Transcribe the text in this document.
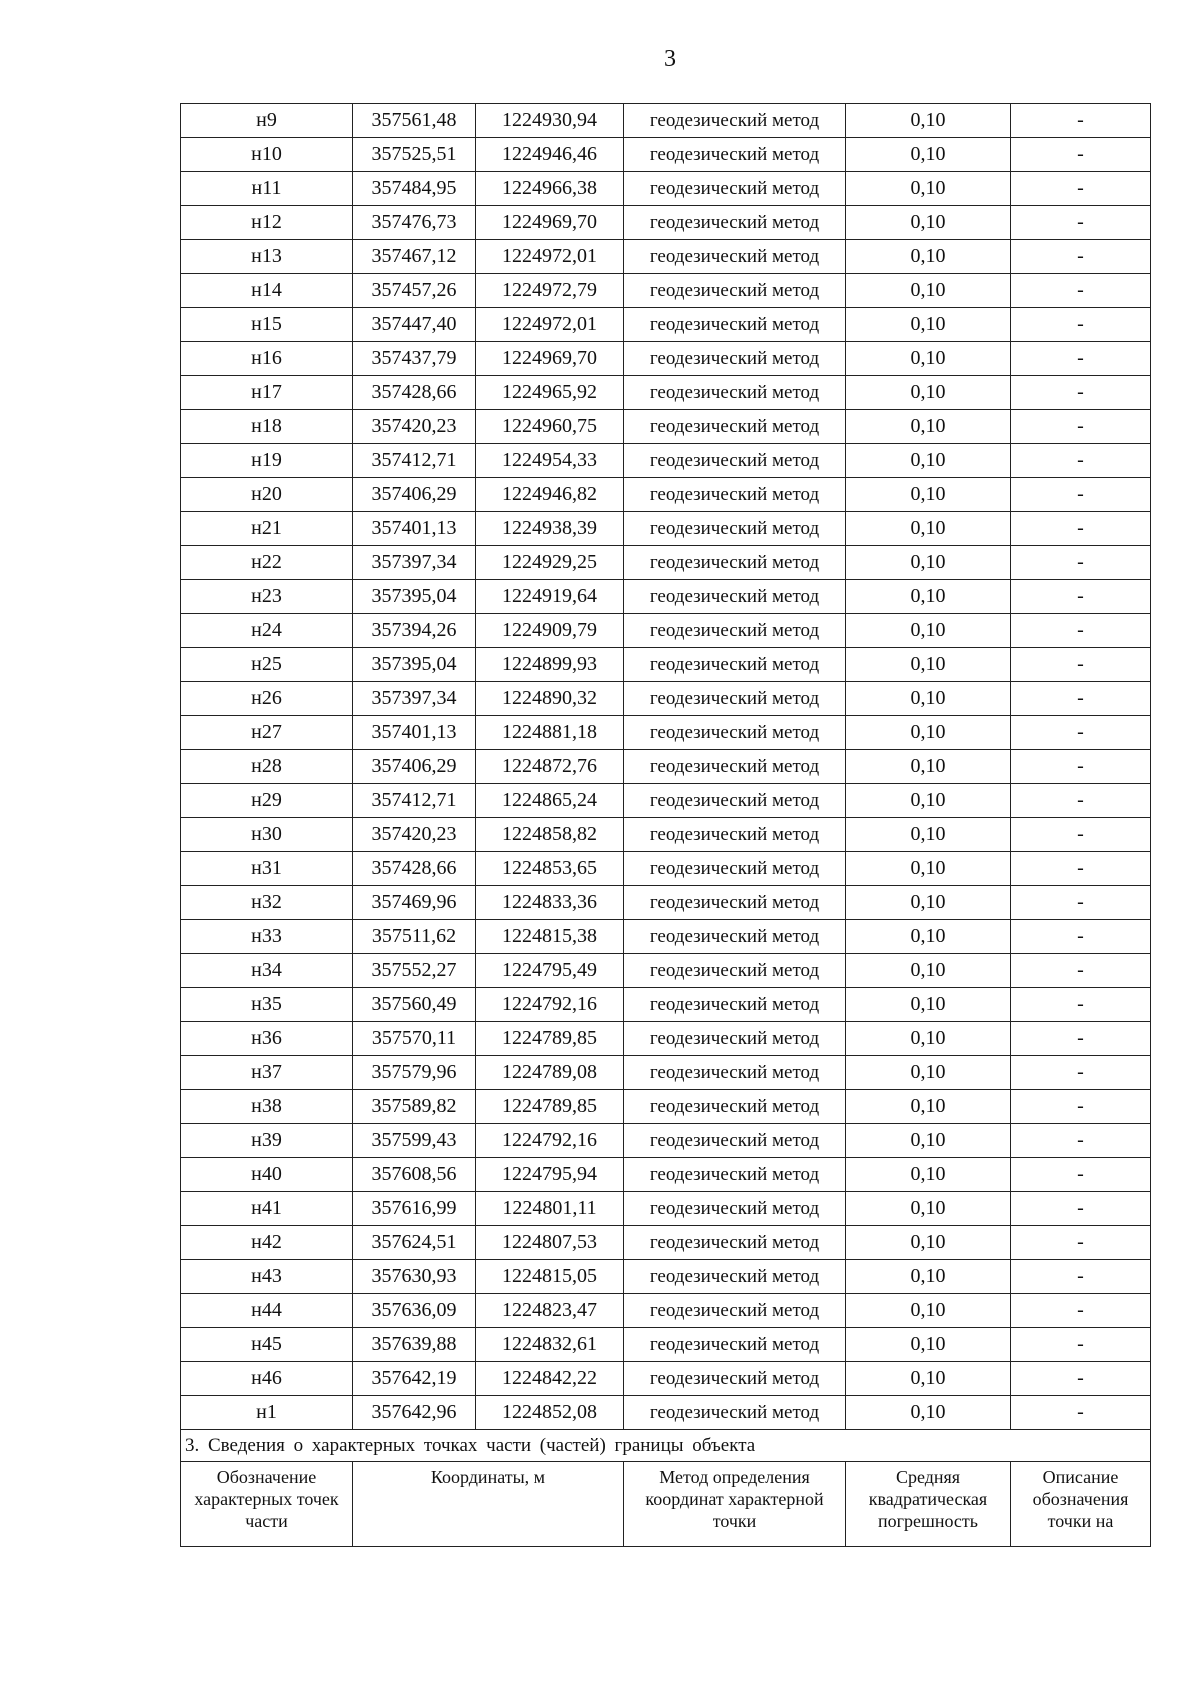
3
н9	357561,48	1224930,94	геодезический метод	0,10	-
н10	357525,51	1224946,46	геодезический метод	0,10	-
н11	357484,95	1224966,38	геодезический метод	0,10	-
н12	357476,73	1224969,70	геодезический метод	0,10	-
н13	357467,12	1224972,01	геодезический метод	0,10	-
н14	357457,26	1224972,79	геодезический метод	0,10	-
н15	357447,40	1224972,01	геодезический метод	0,10	-
н16	357437,79	1224969,70	геодезический метод	0,10	-
н17	357428,66	1224965,92	геодезический метод	0,10	-
н18	357420,23	1224960,75	геодезический метод	0,10	-
н19	357412,71	1224954,33	геодезический метод	0,10	-
н20	357406,29	1224946,82	геодезический метод	0,10	-
н21	357401,13	1224938,39	геодезический метод	0,10	-
н22	357397,34	1224929,25	геодезический метод	0,10	-
н23	357395,04	1224919,64	геодезический метод	0,10	-
н24	357394,26	1224909,79	геодезический метод	0,10	-
н25	357395,04	1224899,93	геодезический метод	0,10	-
н26	357397,34	1224890,32	геодезический метод	0,10	-
н27	357401,13	1224881,18	геодезический метод	0,10	-
н28	357406,29	1224872,76	геодезический метод	0,10	-
н29	357412,71	1224865,24	геодезический метод	0,10	-
н30	357420,23	1224858,82	геодезический метод	0,10	-
н31	357428,66	1224853,65	геодезический метод	0,10	-
н32	357469,96	1224833,36	геодезический метод	0,10	-
н33	357511,62	1224815,38	геодезический метод	0,10	-
н34	357552,27	1224795,49	геодезический метод	0,10	-
н35	357560,49	1224792,16	геодезический метод	0,10	-
н36	357570,11	1224789,85	геодезический метод	0,10	-
н37	357579,96	1224789,08	геодезический метод	0,10	-
н38	357589,82	1224789,85	геодезический метод	0,10	-
н39	357599,43	1224792,16	геодезический метод	0,10	-
н40	357608,56	1224795,94	геодезический метод	0,10	-
н41	357616,99	1224801,11	геодезический метод	0,10	-
н42	357624,51	1224807,53	геодезический метод	0,10	-
н43	357630,93	1224815,05	геодезический метод	0,10	-
н44	357636,09	1224823,47	геодезический метод	0,10	-
н45	357639,88	1224832,61	геодезический метод	0,10	-
н46	357642,19	1224842,22	геодезический метод	0,10	-
н1	357642,96	1224852,08	геодезический метод	0,10	-
3. Сведения о характерных точках части (частей) границы объекта					
Обозначение характерных точек части	Координаты, м		Метод определения координат характерной точки	Средняя квадратическая погрешность	Описание обозначения точки на
